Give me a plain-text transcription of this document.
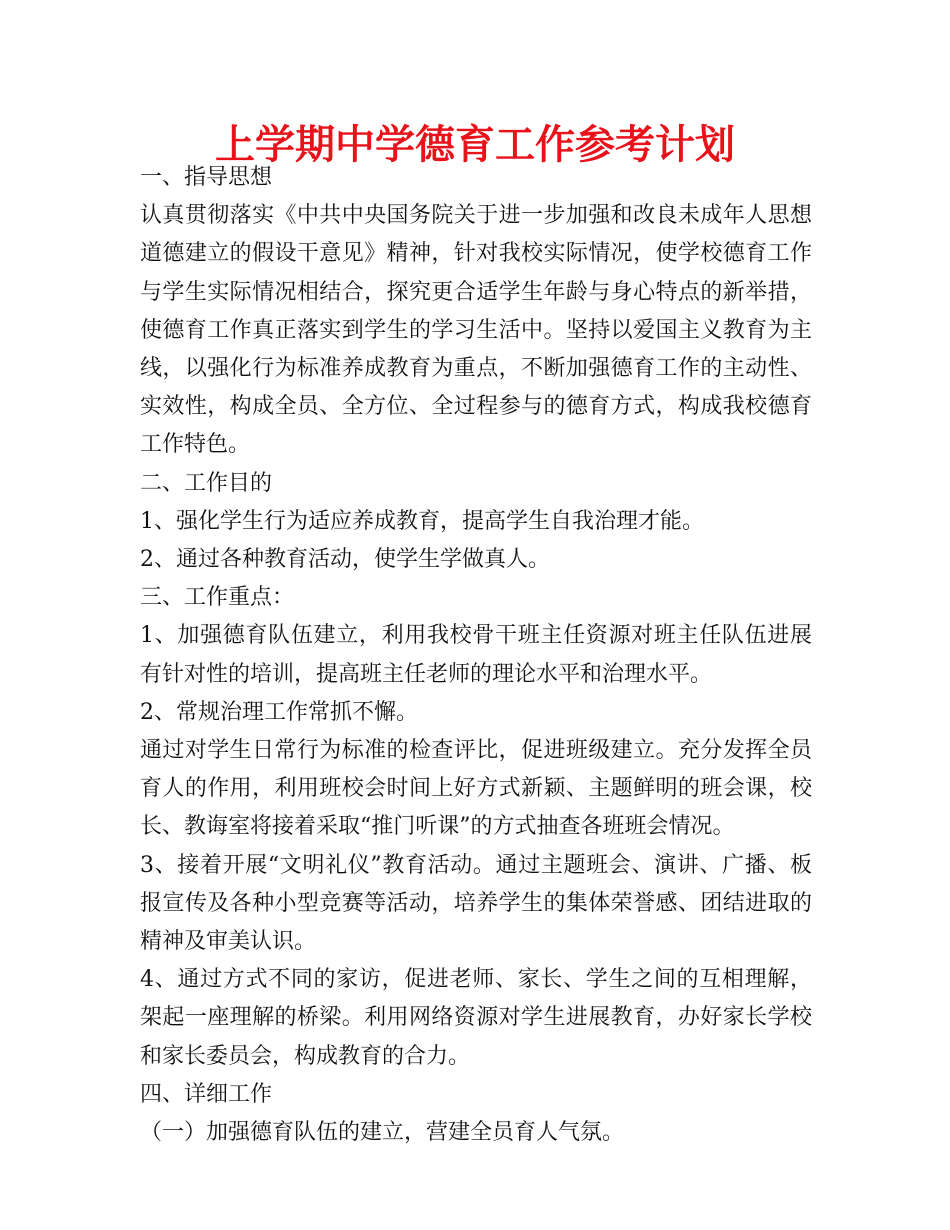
上学期中学德育工作参考计划

一、指导思想

认真贯彻落实《中共中央国务院关于进一步加强和改良未成年人思想道德建立的假设干意见》精神，针对我校实际情况，使学校德育工作与学生实际情况相结合，探究更合适学生年龄与身心特点的新举措，使德育工作真正落实到学生的学习生活中。坚持以爱国主义教育为主线，以强化行为标准养成教育为重点，不断加强德育工作的主动性、实效性，构成全员、全方位、全过程参与的德育方式，构成我校德育工作特色。

二、工作目的

1、强化学生行为适应养成教育，提高学生自我治理才能。

2、通过各种教育活动，使学生学做真人。

三、工作重点：

1、加强德育队伍建立，利用我校骨干班主任资源对班主任队伍进展有针对性的培训，提高班主任老师的理论水平和治理水平。

2、常规治理工作常抓不懈。

通过对学生日常行为标准的检查评比，促进班级建立。充分发挥全员育人的作用，利用班校会时间上好方式新颖、主题鲜明的班会课，校长、教诲室将接着采取“推门听课”的方式抽查各班班会情况。

3、接着开展“文明礼仪”教育活动。通过主题班会、演讲、广播、板报宣传及各种小型竞赛等活动，培养学生的集体荣誉感、团结进取的精神及审美认识。

4、通过方式不同的家访，促进老师、家长、学生之间的互相理解，架起一座理解的桥梁。利用网络资源对学生进展教育，办好家长学校和家长委员会，构成教育的合力。

四、详细工作

（一）加强德育队伍的建立，营建全员育人气氛。
